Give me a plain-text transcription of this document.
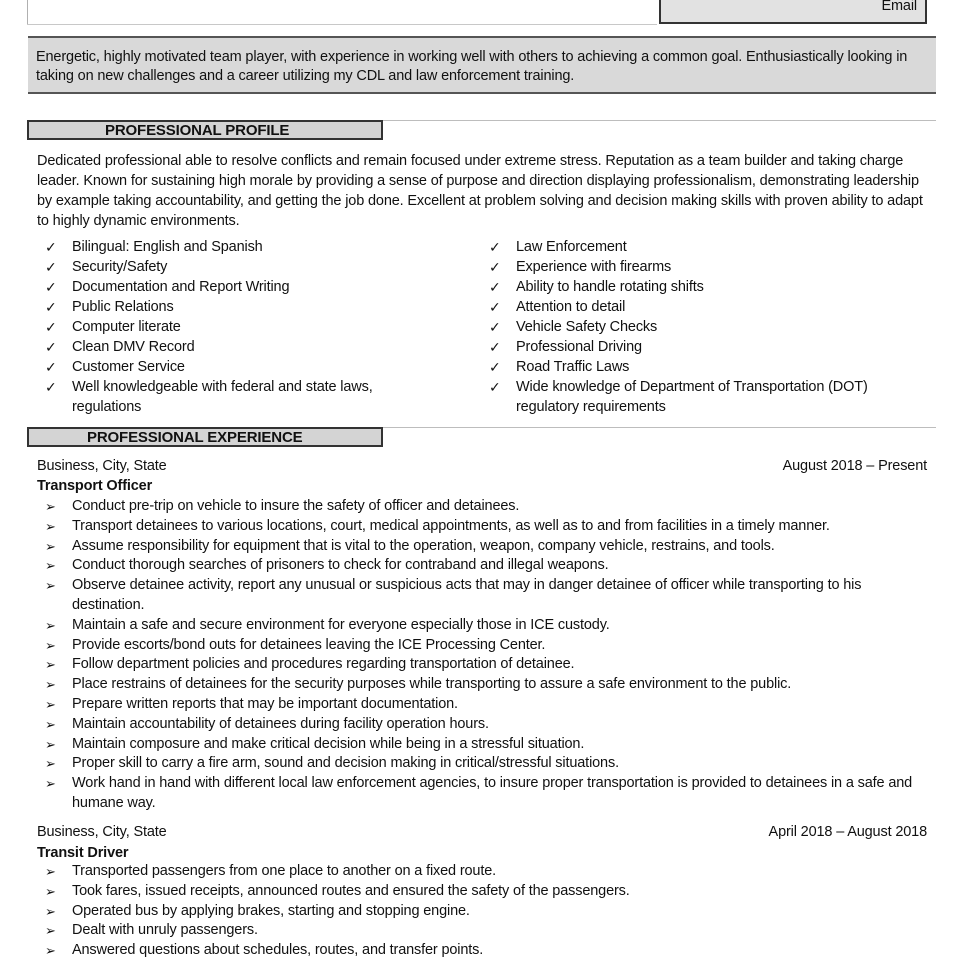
Email
Energetic, highly motivated team player, with experience in working well with others to achieving a common goal. Enthusiastically looking in taking on new challenges and a career utilizing my CDL and law enforcement training.
PROFESSIONAL PROFILE
Dedicated professional able to resolve conflicts and remain focused under extreme stress. Reputation as a team builder and taking charge leader. Known for sustaining high morale by providing a sense of purpose and direction displaying professionalism, demonstrating leadership by example taking accountability, and getting the job done. Excellent at problem solving and decision making skills with proven ability to adapt to highly dynamic environments.
✓ Bilingual: English and Spanish
✓ Security/Safety
✓ Documentation and Report Writing
✓ Public Relations
✓ Computer literate
✓ Clean DMV Record
✓ Customer Service
✓ Well knowledgeable with federal and state laws, regulations
✓ Law Enforcement
✓ Experience with firearms
✓ Ability to handle rotating shifts
✓ Attention to detail
✓ Vehicle Safety Checks
✓ Professional Driving
✓ Road Traffic Laws
✓ Wide knowledge of Department of Transportation (DOT) regulatory requirements
PROFESSIONAL EXPERIENCE
Business, City, State	August 2018 – Present
Transport Officer
➢ Conduct pre-trip on vehicle to insure the safety of officer and detainees.
➢ Transport detainees to various locations, court, medical appointments, as well as to and from facilities in a timely manner.
➢ Assume responsibility for equipment that is vital to the operation, weapon, company vehicle, restrains, and tools.
➢ Conduct thorough searches of prisoners to check for contraband and illegal weapons.
➢ Observe detainee activity, report any unusual or suspicious acts that may in danger detainee of officer while transporting to his destination.
➢ Maintain a safe and secure environment for everyone especially those in ICE custody.
➢ Provide escorts/bond outs for detainees leaving the ICE Processing Center.
➢ Follow department policies and procedures regarding transportation of detainee.
➢ Place restrains of detainees for the security purposes while transporting to assure a safe environment to the public.
➢ Prepare written reports that may be important documentation.
➢ Maintain accountability of detainees during facility operation hours.
➢ Maintain composure and make critical decision while being in a stressful situation.
➢ Proper skill to carry a fire arm, sound and decision making in critical/stressful situations.
➢ Work hand in hand with different local law enforcement agencies, to insure proper transportation is provided to detainees in a safe and humane way.
Business, City, State	April 2018 – August 2018
Transit Driver
➢ Transported passengers from one place to another on a fixed route.
➢ Took fares, issued receipts, announced routes and ensured the safety of the passengers.
➢ Operated bus by applying brakes, starting and stopping engine.
➢ Dealt with unruly passengers.
➢ Answered questions about schedules, routes, and transfer points.
